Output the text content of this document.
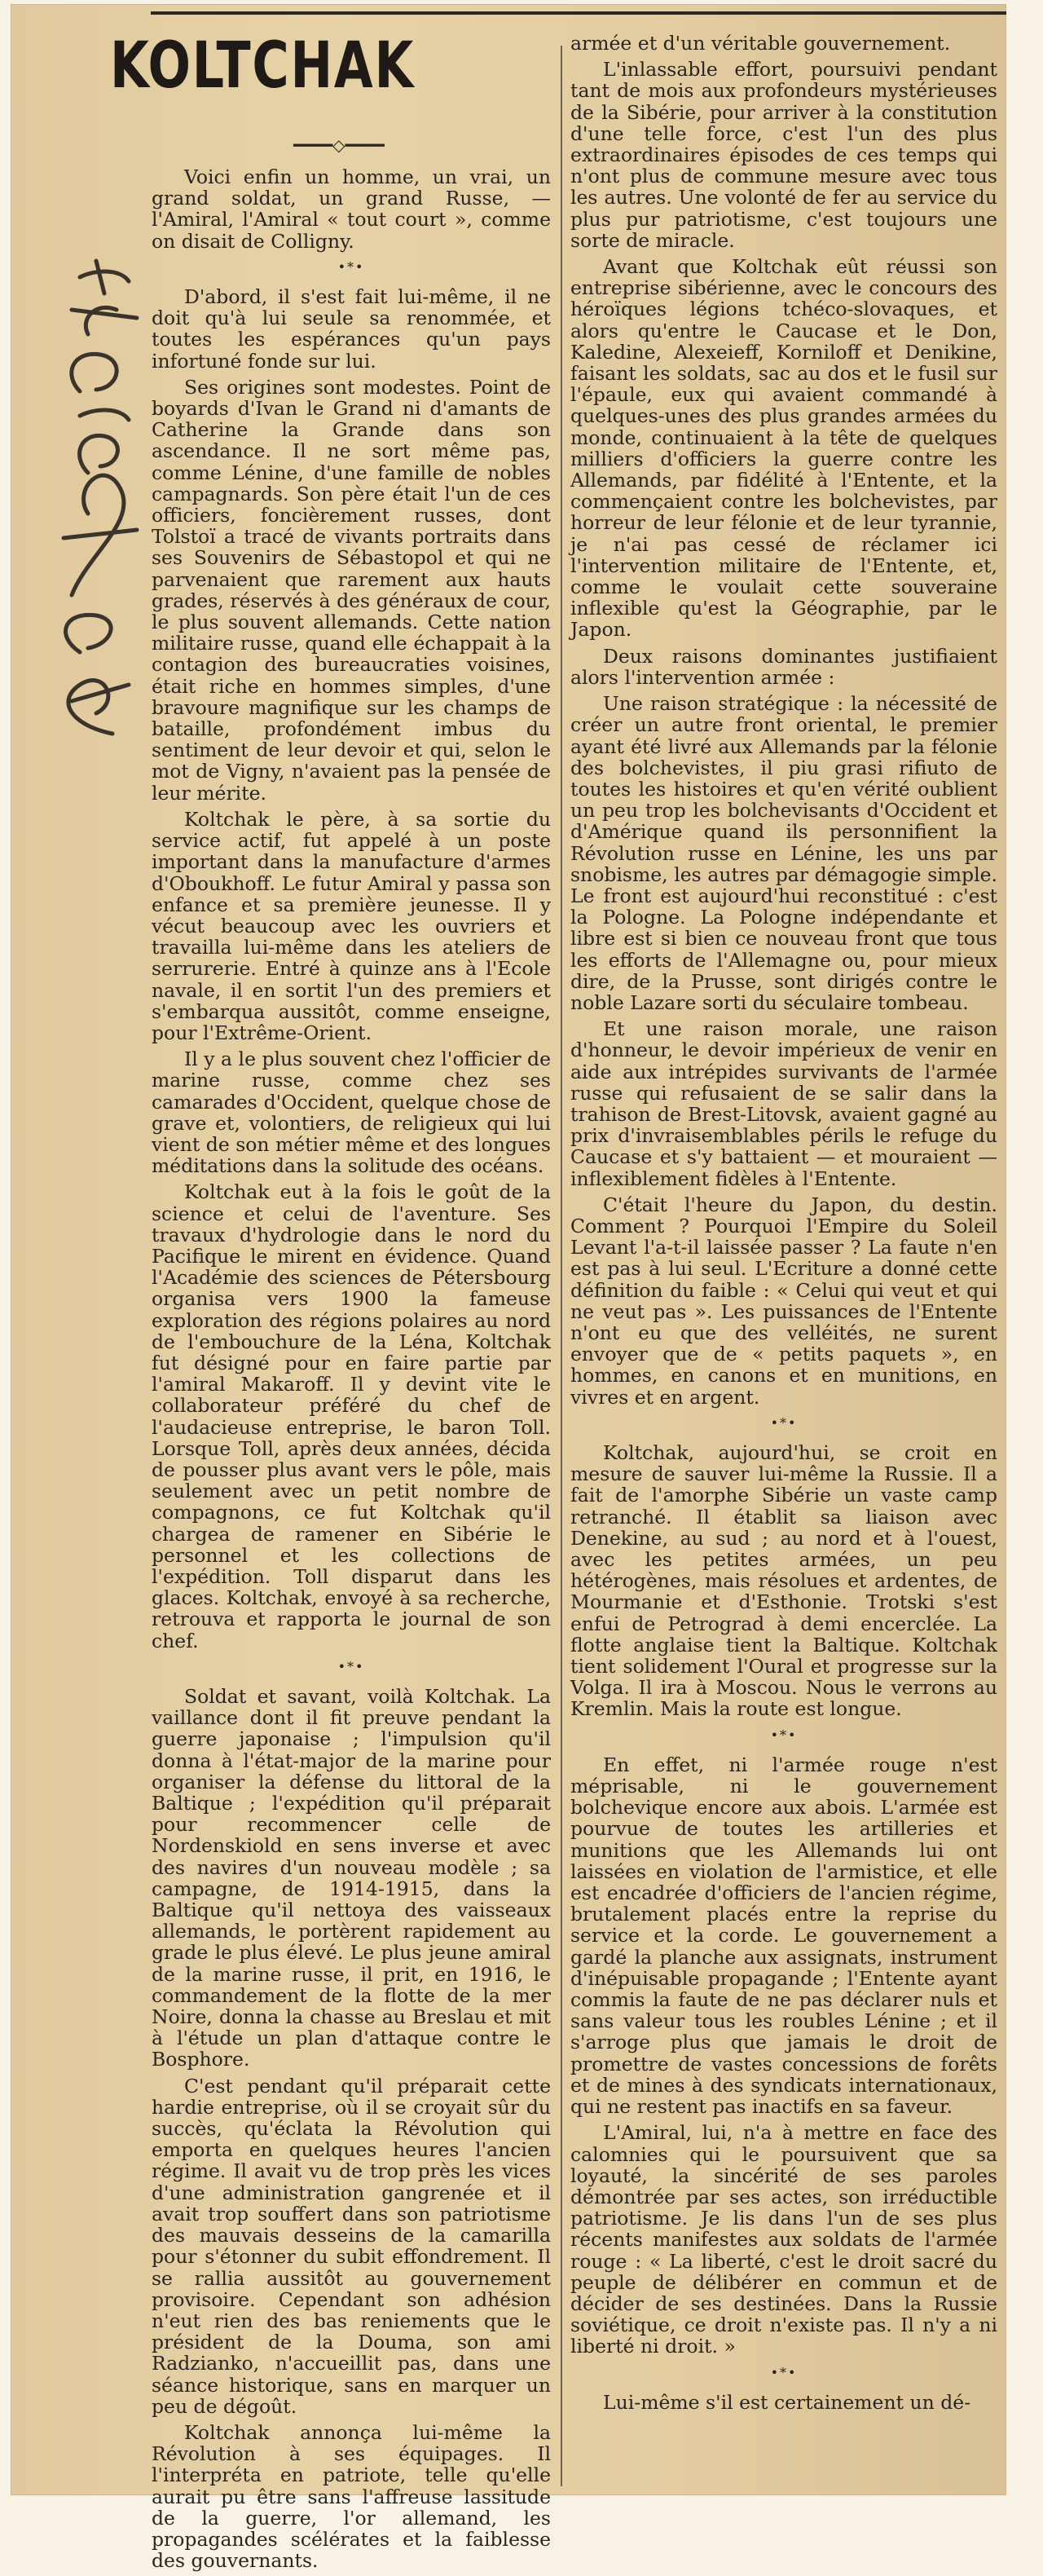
KOLTCHAK
━━━━◇━━━━

Voici enfin un homme, un vrai, un grand soldat, un grand Russe, — l'Amiral, l'Amiral « tout court », comme on disait de Colligny.

•*•

D'abord, il s'est fait lui-même, il ne doit qu'à lui seule sa renommée, et toutes les espérances qu'un pays infortuné fonde sur lui.

Ses origines sont modestes. Point de boyards d'Ivan le Grand ni d'amants de Catherine la Grande dans son ascendance. Il ne sort même pas, comme Lénine, d'une famille de nobles campagnards. Son père était l'un de ces officiers, foncièrement russes, dont Tolstoï a tracé de vivants portraits dans ses Souvenirs de Sébastopol et qui ne parvenaient que rarement aux hauts grades, réservés à des généraux de cour, le plus souvent allemands. Cette nation militaire russe, quand elle échappait à la contagion des bureaucraties voisines, était riche en hommes simples, d'une bravoure magnifique sur les champs de bataille, profondément imbus du sentiment de leur devoir et qui, selon le mot de Vigny, n'avaient pas la pensée de leur mérite.

Koltchak le père, à sa sortie du service actif, fut appelé à un poste important dans la manufacture d'armes d'Oboukhoff. Le futur Amiral y passa son enfance et sa première jeunesse. Il y vécut beaucoup avec les ouvriers et travailla lui-même dans les ateliers de serrurerie. Entré à quinze ans à l'Ecole navale, il en sortit l'un des premiers et s'embarqua aussitôt, comme enseigne, pour l'Extrême-Orient.

Il y a le plus souvent chez l'officier de marine russe, comme chez ses camarades d'Occident, quelque chose de grave et, volontiers, de religieux qui lui vient de son métier même et des longues méditations dans la solitude des océans.

Koltchak eut à la fois le goût de la science et celui de l'aventure. Ses travaux d'hydrologie dans le nord du Pacifique le mirent en évidence. Quand l'Académie des sciences de Pétersbourg organisa vers 1900 la fameuse exploration des régions polaires au nord de l'embouchure de la Léna, Koltchak fut désigné pour en faire partie par l'amiral Makaroff. Il y devint vite le collaborateur préféré du chef de l'audacieuse entreprise, le baron Toll. Lorsque Toll, après deux années, décida de pousser plus avant vers le pôle, mais seulement avec un petit nombre de compagnons, ce fut Koltchak qu'il chargea de ramener en Sibérie le personnel et les collections de l'expédition. Toll disparut dans les glaces. Koltchak, envoyé à sa recherche, retrouva et rapporta le journal de son chef.

•*•

Soldat et savant, voilà Koltchak. La vaillance dont il fit preuve pendant la guerre japonaise ; l'impulsion qu'il donna à l'état-major de la marine pour organiser la défense du littoral de la Baltique ; l'expédition qu'il préparait pour recommencer celle de Nordenskiold en sens inverse et avec des navires d'un nouveau modèle ; sa campagne, de 1914-1915, dans la Baltique qu'il nettoya des vaisseaux allemands, le portèrent rapidement au grade le plus élevé. Le plus jeune amiral de la marine russe, il prit, en 1916, le commandement de la flotte de la mer Noire, donna la chasse au Breslau et mit à l'étude un plan d'attaque contre le Bosphore.

C'est pendant qu'il préparait cette hardie entreprise, où il se croyait sûr du succès, qu'éclata la Révolution qui emporta en quelques heures l'ancien régime. Il avait vu de trop près les vices d'une administration gangrenée et il avait trop souffert dans son patriotisme des mauvais desseins de la camarilla pour s'étonner du subit effondrement. Il se rallia aussitôt au gouvernement provisoire. Cependant son adhésion n'eut rien des bas reniements que le président de la Douma, son ami Radzianko, n'accueillit pas, dans une séance historique, sans en marquer un peu de dégoût.

Koltchak annonça lui-même la Révolution à ses équipages. Il l'interpréta en patriote, telle qu'elle aurait pu être sans l'affreuse lassitude de la guerre, l'or allemand, les propagandes scélérates et la faiblesse des gouvernants.

armée et d'un véritable gouvernement.

L'inlassable effort, poursuivi pendant tant de mois aux profondeurs mystérieuses de la Sibérie, pour arriver à la constitution d'une telle force, c'est l'un des plus extraordinaires épisodes de ces temps qui n'ont plus de commune mesure avec tous les autres. Une volonté de fer au service du plus pur patriotisme, c'est toujours une sorte de miracle.

Avant que Koltchak eût réussi son entreprise sibérienne, avec le concours des héroïques légions tchéco-slovaques, et alors qu'entre le Caucase et le Don, Kaledine, Alexeieff, Korniloff et Denikine, faisant les soldats, sac au dos et le fusil sur l'épaule, eux qui avaient commandé à quelques-unes des plus grandes armées du monde, continuaient à la tête de quelques milliers d'officiers la guerre contre les Allemands, par fidélité à l'Entente, et la commençaient contre les bolchevistes, par horreur de leur félonie et de leur tyrannie, je n'ai pas cessé de réclamer ici l'intervention militaire de l'Entente, et, comme le voulait cette souveraine inflexible qu'est la Géographie, par le Japon.

Deux raisons dominantes justifiaient alors l'intervention armée :

Une raison stratégique : la nécessité de créer un autre front oriental, le premier ayant été livré aux Allemands par la félonie des bolchevistes, il piu grasi rifiuto de toutes les histoires et qu'en vérité oublient un peu trop les bolchevisants d'Occident et d'Amérique quand ils personnifient la Révolution russe en Lénine, les uns par snobisme, les autres par démagogie simple. Le front est aujourd'hui reconstitué : c'est la Pologne. La Pologne indépendante et libre est si bien ce nouveau front que tous les efforts de l'Allemagne ou, pour mieux dire, de la Prusse, sont dirigés contre le noble Lazare sorti du séculaire tombeau.

Et une raison morale, une raison d'honneur, le devoir impérieux de venir en aide aux intrépides survivants de l'armée russe qui refusaient de se salir dans la trahison de Brest-Litovsk, avaient gagné au prix d'invraisemblables périls le refuge du Caucase et s'y battaient — et mouraient — inflexiblement fidèles à l'Entente.

C'était l'heure du Japon, du destin. Comment ? Pourquoi l'Empire du Soleil Levant l'a-t-il laissée passer ? La faute n'en est pas à lui seul. L'Ecriture a donné cette définition du faible : « Celui qui veut et qui ne veut pas ». Les puissances de l'Entente n'ont eu que des velléités, ne surent envoyer que de « petits paquets », en hommes, en canons et en munitions, en vivres et en argent.

•*•

Koltchak, aujourd'hui, se croit en mesure de sauver lui-même la Russie. Il a fait de l'amorphe Sibérie un vaste camp retranché. Il établit sa liaison avec Denekine, au sud ; au nord et à l'ouest, avec les petites armées, un peu hétérogènes, mais résolues et ardentes, de Mourmanie et d'Esthonie. Trotski s'est enfui de Petrograd à demi encerclée. La flotte anglaise tient la Baltique. Koltchak tient solidement l'Oural et progresse sur la Volga. Il ira à Moscou. Nous le verrons au Kremlin. Mais la route est longue.

•*•

En effet, ni l'armée rouge n'est méprisable, ni le gouvernement bolchevique encore aux abois. L'armée est pourvue de toutes les artilleries et munitions que les Allemands lui ont laissées en violation de l'armistice, et elle est encadrée d'officiers de l'ancien régime, brutalement placés entre la reprise du service et la corde. Le gouvernement a gardé la planche aux assignats, instrument d'inépuisable propagande ; l'Entente ayant commis la faute de ne pas déclarer nuls et sans valeur tous les roubles Lénine ; et il s'arroge plus que jamais le droit de promettre de vastes concessions de forêts et de mines à des syndicats internationaux, qui ne restent pas inactifs en sa faveur.

L'Amiral, lui, n'a à mettre en face des calomnies qui le poursuivent que sa loyauté, la sincérité de ses paroles démontrée par ses actes, son irréductible patriotisme. Je lis dans l'un de ses plus récents manifestes aux soldats de l'armée rouge : « La liberté, c'est le droit sacré du peuple de délibérer en commun et de décider de ses destinées. Dans la Russie soviétique, ce droit n'existe pas. Il n'y a ni liberté ni droit. »

•*•

Lui-même s'il est certainement un dé-
